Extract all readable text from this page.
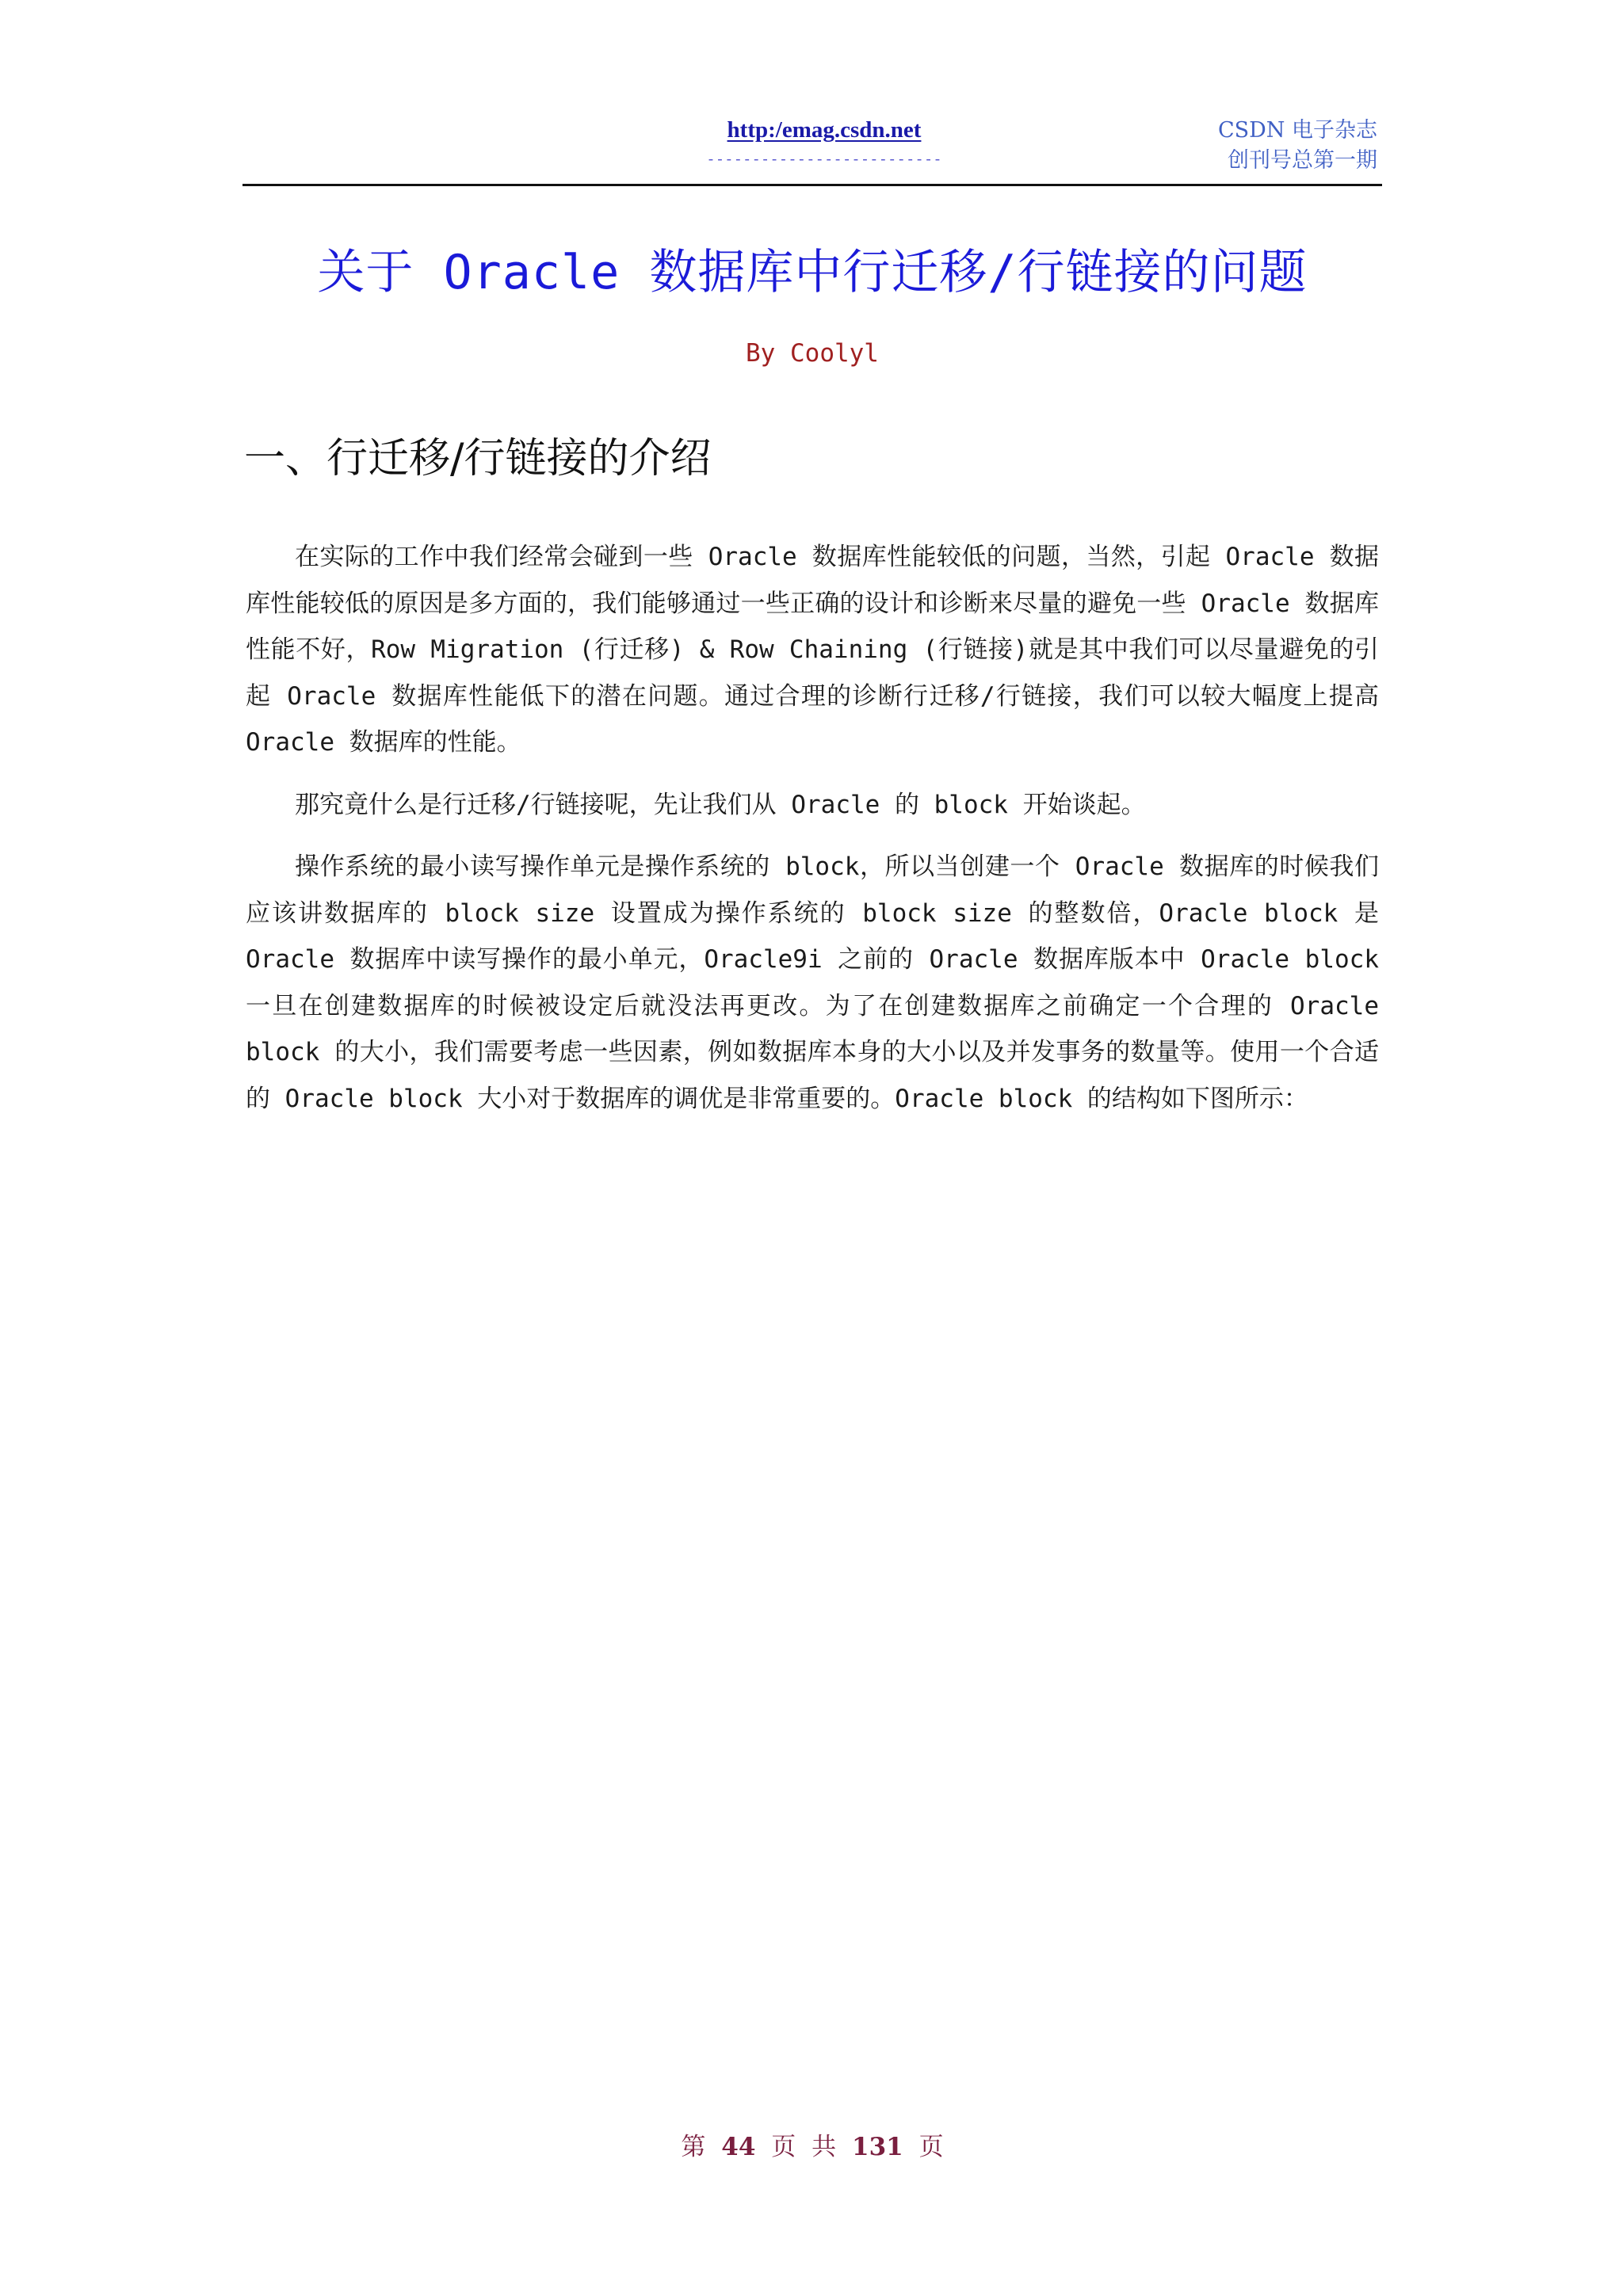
http:/emag.csdn.net
--------------------------
CSDN 电子杂志
创刊号总第一期
关于 Oracle 数据库中行迁移/行链接的问题
By Coolyl
一、行迁移/行链接的介绍

在实际的工作中我们经常会碰到一些 Oracle 数据库性能较低的问题，当然，引起 Oracle 数据库性能较低的原因是多方面的，我们能够通过一些正确的设计和诊断来尽量的避免一些 Oracle 数据库性能不好，Row Migration (行迁移) & Row Chaining (行链接)就是其中我们可以尽量避免的引起 Oracle 数据库性能低下的潜在问题。通过合理的诊断行迁移/行链接，我们可以较大幅度上提高 Oracle 数据库的性能。

那究竟什么是行迁移/行链接呢，先让我们从 Oracle 的 block 开始谈起。

操作系统的最小读写操作单元是操作系统的 block，所以当创建一个 Oracle 数据库的时候我们应该讲数据库的 block size 设置成为操作系统的 block size 的整数倍，Oracle block 是 Oracle 数据库中读写操作的最小单元，Oracle9i 之前的 Oracle 数据库版本中 Oracle block 一旦在创建数据库的时候被设定后就没法再更改。为了在创建数据库之前确定一个合理的 Oracle block 的大小，我们需要考虑一些因素，例如数据库本身的大小以及并发事务的数量等。使用一个合适的 Oracle block 大小对于数据库的调优是非常重要的。Oracle block 的结构如下图所示：

第 44 页 共 131 页
